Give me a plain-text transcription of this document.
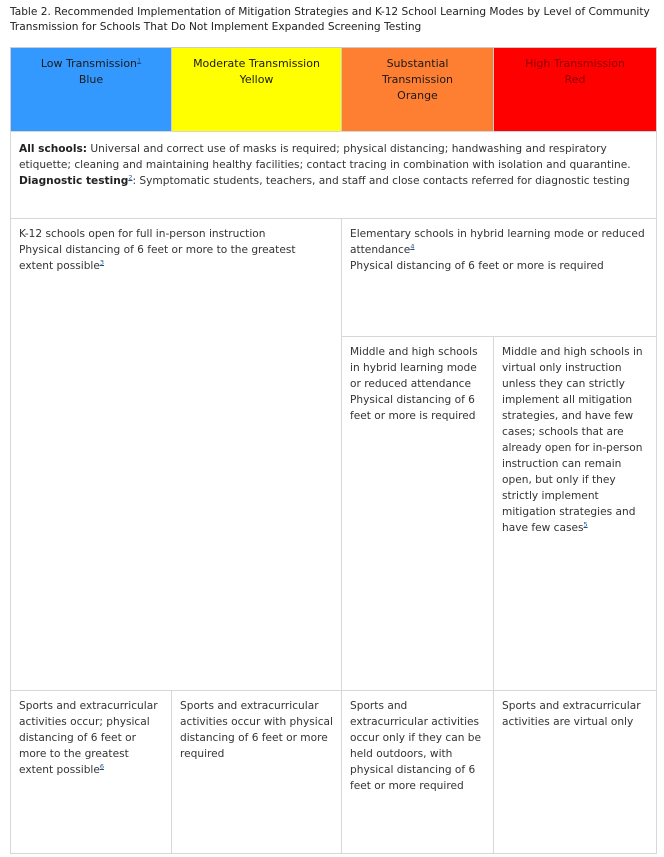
Table 2. Recommended Implementation of Mitigation Strategies and K-12 School Learning Modes by Level of Community Transmission for Schools That Do Not Implement Expanded Screening Testing
Low Transmission$^1$
Blue
Moderate Transmission
Yellow
Substantial Transmission
Orange
High Transmission
Red
All schools: Universal and correct use of masks is required; physical distancing; handwashing and respiratory etiquette; cleaning and maintaining healthy facilities; contact tracing in combination with isolation and quarantine.
Diagnostic testing$^2$: Symptomatic students, teachers, and staff and close contacts referred for diagnostic testing
K-12 schools open for full in-person instruction
Physical distancing of 6 feet or more to the greatest extent possible$^3$
Elementary schools in hybrid learning mode or reduced attendance$^4$
Physical distancing of 6 feet or more is required
Middle and high schools in hybrid learning mode or reduced attendance
Physical distancing of 6 feet or more is required
Middle and high schools in virtual only instruction unless they can strictly implement all mitigation strategies, and have few cases; schools that are already open for in-person instruction can remain open, but only if they strictly implement mitigation strategies and have few cases$^5$
Sports and extracurricular activities occur; physical distancing of 6 feet or more to the greatest extent possible$^6$
Sports and extracurricular activities occur with physical distancing of 6 feet or more required
Sports and extracurricular activities occur only if they can be held outdoors, with physical distancing of 6 feet or more required
Sports and extracurricular activities are virtual only
